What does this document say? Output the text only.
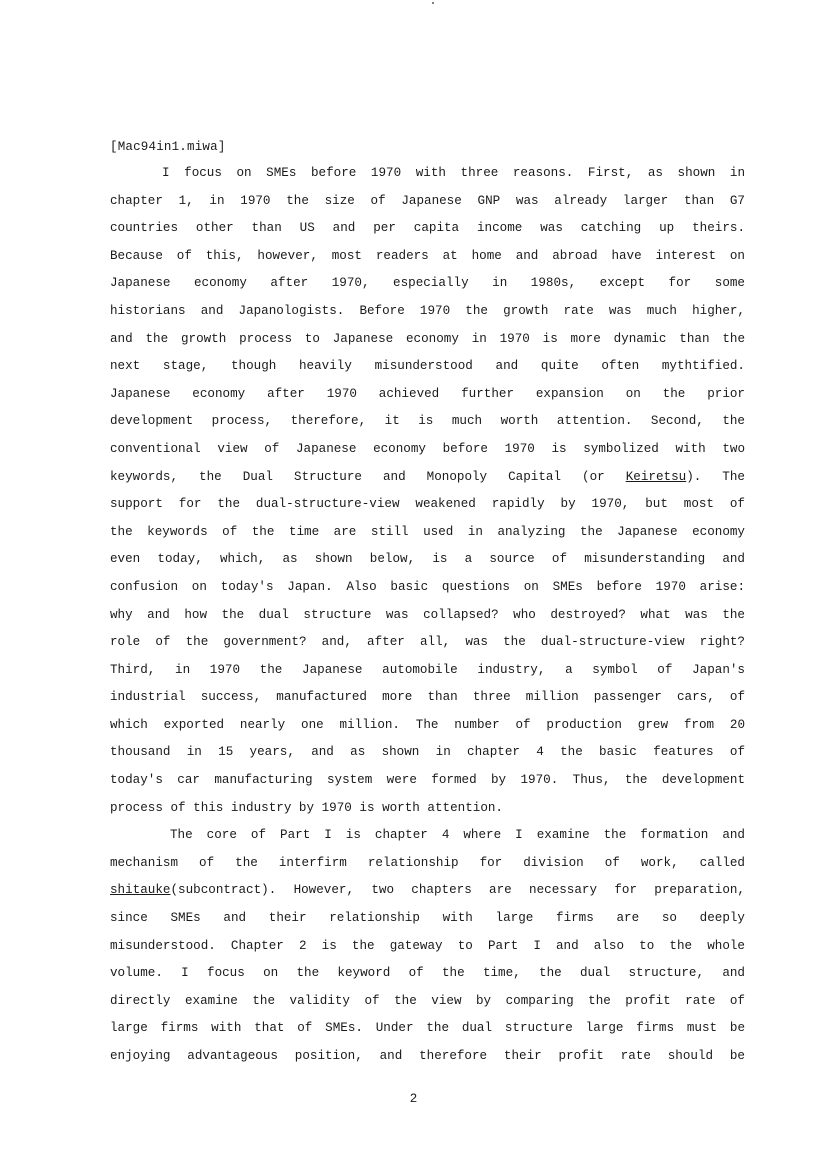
[Mac94in1.miwa]
I focus on SMEs before 1970 with three reasons. First, as shown in
chapter 1, in 1970 the size of Japanese GNP was already larger than G7
countries other than US and per capita income was catching up theirs.
Because of this, however, most readers at home and abroad have interest on
Japanese economy after 1970, especially in 1980s, except for some
historians and Japanologists. Before 1970 the growth rate was much higher,
and the growth process to Japanese economy in 1970 is more dynamic than the
next stage, though heavily misunderstood and quite often mythtified.
Japanese economy after 1970 achieved further expansion on the prior
development process, therefore, it is much worth attention. Second, the
conventional view of Japanese economy before 1970 is symbolized with two
keywords, the Dual Structure and Monopoly Capital (or Keiretsu). The
support for the dual-structure-view weakened rapidly by 1970, but most of
the keywords of the time are still used in analyzing the Japanese economy
even today, which, as shown below, is a source of misunderstanding and
confusion on today's Japan. Also basic questions on SMEs before 1970 arise:
why and how the dual structure was collapsed? who destroyed? what was the
role of the government? and, after all, was the dual-structure-view right?
Third, in 1970 the Japanese automobile industry, a symbol of Japan's
industrial success, manufactured more than three million passenger cars, of
which exported nearly one million. The number of production grew from 20
thousand in 15 years, and as shown in chapter 4 the basic features of
today's car manufacturing system were formed by 1970. Thus, the development
process of this industry by 1970 is worth attention.
The core of Part I is chapter 4 where I examine the formation and
mechanism of the interfirm relationship for division of work, called
shitauke(subcontract). However, two chapters are necessary for preparation,
since SMEs and their relationship with large firms are so deeply
misunderstood. Chapter 2 is the gateway to Part I and also to the whole
volume. I focus on the keyword of the time, the dual structure, and
directly examine the validity of the view by comparing the profit rate of
large firms with that of SMEs. Under the dual structure large firms must be
enjoying advantageous position, and therefore their profit rate should be
2
